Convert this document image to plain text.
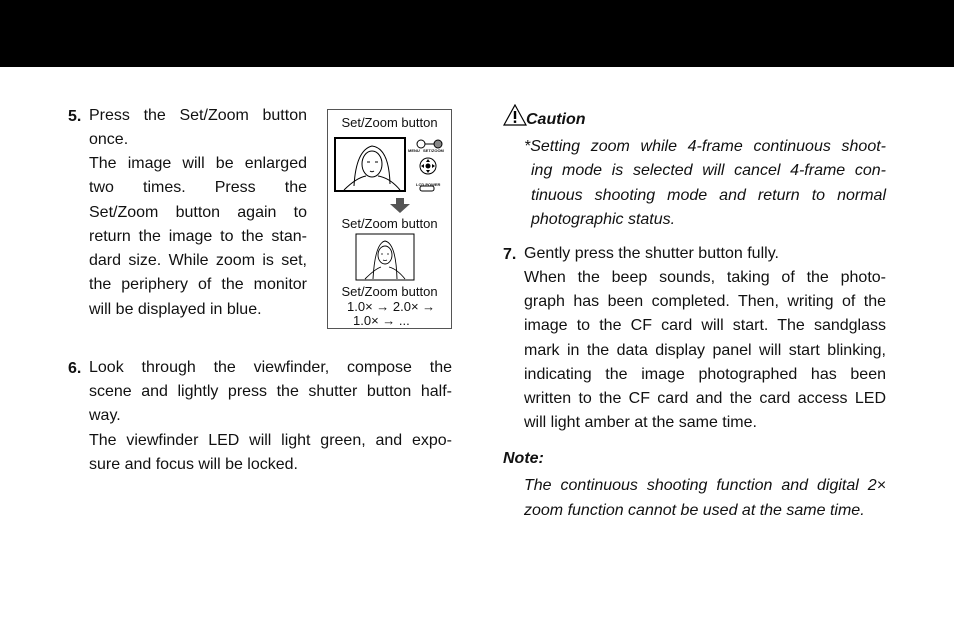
5. Press the Set/Zoom button
once.
The image will be enlarged
two times. Press the
Set/Zoom button again to
return the image to the stan-
dard size. While zoom is set,
the periphery of the monitor
will be displayed in blue.
Set/Zoom button
MENU SET/ZOOM
LCD POWER
Set/Zoom button
Set/Zoom button
1.0× → 2.0× →
1.0× → ...
6. Look through the viewfinder, compose the
scene and lightly press the shutter button half-
way.
The viewfinder LED will light green, and expo-
sure and focus will be locked.
Caution
*Setting zoom while 4-frame continuous shoot-
ing mode is selected will cancel 4-frame con-
tinuous shooting mode and return to normal
photographic status.
7. Gently press the shutter button fully.
When the beep sounds, taking of the photo-
graph has been completed. Then, writing of the
image to the CF card will start. The sandglass
mark in the data display panel will start blinking,
indicating the image photographed has been
written to the CF card and the card access LED
will light amber at the same time.
Note:
The continuous shooting function and digital 2×
zoom function cannot be used at the same time.
